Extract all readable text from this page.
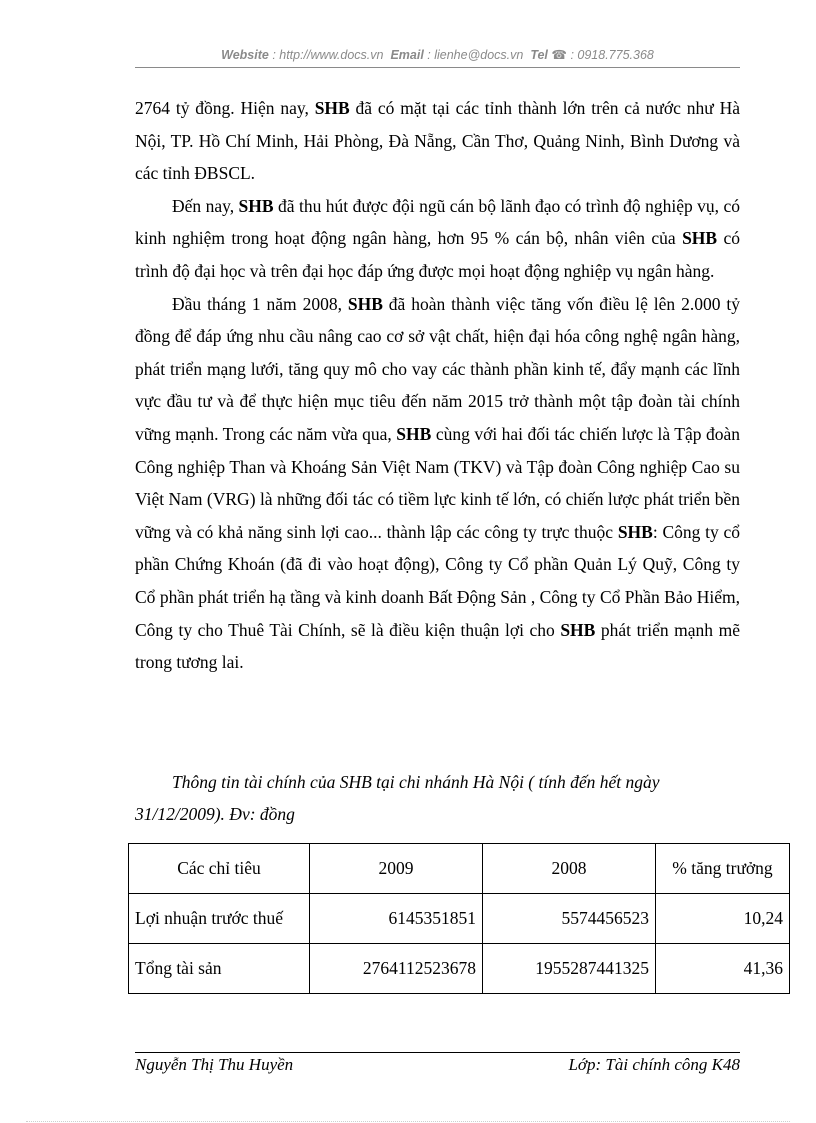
Website : http://www.docs.vn Email : lienhe@docs.vn Tel ☎ : 0918.775.368

2764 tỷ đồng. Hiện nay, SHB đã có mặt tại các tỉnh thành lớn trên cả nước như Hà Nội, TP. Hồ Chí Minh, Hải Phòng, Đà Nẵng, Cần Thơ, Quảng Ninh, Bình Dương và các tỉnh ĐBSCL.

Đến nay, SHB đã thu hút được đội ngũ cán bộ lãnh đạo có trình độ nghiệp vụ, có kinh nghiệm trong hoạt động ngân hàng, hơn 95 % cán bộ, nhân viên của SHB có trình độ đại học và trên đại học đáp ứng được mọi hoạt động nghiệp vụ ngân hàng.

Đầu tháng 1 năm 2008, SHB đã hoàn thành việc tăng vốn điều lệ lên 2.000 tỷ đồng để đáp ứng nhu cầu nâng cao cơ sở vật chất, hiện đại hóa công nghệ ngân hàng, phát triển mạng lưới, tăng quy mô cho vay các thành phần kinh tế, đẩy mạnh các lĩnh vực đầu tư và để thực hiện mục tiêu đến năm 2015 trở thành một tập đoàn tài chính vững mạnh. Trong các năm vừa qua, SHB cùng với hai đối tác chiến lược là Tập đoàn Công nghiệp Than và Khoáng Sản Việt Nam (TKV) và Tập đoàn Công nghiệp Cao su Việt Nam (VRG) là những đối tác có tiềm lực kinh tế lớn, có chiến lược phát triển bền vững và có khả năng sinh lợi cao... thành lập các công ty trực thuộc SHB: Công ty cổ phần Chứng Khoán (đã đi vào hoạt động), Công ty Cổ phần Quản Lý Quỹ, Công ty Cổ phần phát triển hạ tầng và kinh doanh Bất Động Sản , Công ty Cổ Phần Bảo Hiểm, Công ty cho Thuê Tài Chính, sẽ là điều kiện thuận lợi cho SHB phát triển mạnh mẽ trong tương lai.

Thông tin tài chính của SHB tại chi nhánh Hà Nội ( tính đến hết ngày
31/12/2009). Đv: đồng
Các chỉ tiêu	2009	2008	% tăng trưởng
Lợi nhuận trước thuế	6145351851	5574456523	10,24
Tổng tài sản	2764112523678	1955287441325	41,36
Nguyễn Thị Thu Huyền	Lớp: Tài chính công K48
